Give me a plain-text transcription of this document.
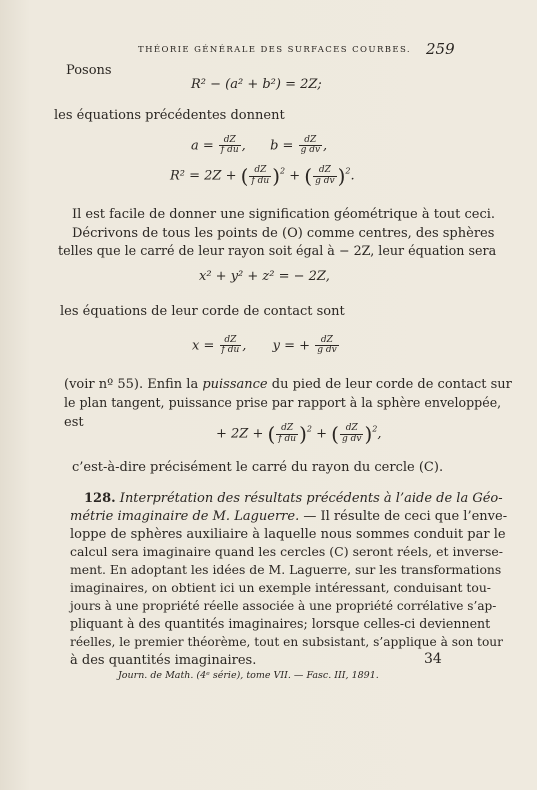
THÉORIE GÉNÉRALE DES SURFACES COURBES. 259
Posons
R² − (a² + b²) = 2Z;
les équations précédentes donnent
$a = \frac{dZ}{\text{f du}}$ ,  $b = \frac{dZ}{\text{g dv}}$ ,
R² = 2Z + ( $\frac{dZ}{\text{f du}} )^2$ + ( $\frac{dZ}{\text{g dv}} )^2$.
Il est facile de donner une signification géométrique à tout ceci.
Décrivons de tous les points de (O) comme centres, des sphères
telles que le carré de leur rayon soit égal à − 2Z, leur équation sera
x² + y² + z² = − 2Z,
les équations de leur corde de contact sont
$x = \frac{dZ}{\text{f du}}$ ,  y = + $\frac{dZ}{\text{g dv}}$
(voir nº 55). Enfin la puissance du pied de leur corde de contact sur
le plan tangent, puissance prise par rapport à la sphère enveloppée,
est
+ 2Z + ( $\frac{dZ}{\text{f du}} )^2$ + ( $\frac{dZ}{\text{g dv}} )^2$,
c’est-à-dire précisément le carré du rayon du cercle (C).
128. Interprétation des résultats précédents à l’aide de la Géo-
métrie imaginaire de M. Laguerre. — Il résulte de ceci que l’enve-
loppe de sphères auxiliaire à laquelle nous sommes conduit par le
calcul sera imaginaire quand les cercles (C) seront réels, et inverse-
ment. En adoptant les idées de M. Laguerre, sur les transformations
imaginaires, on obtient ici un exemple intéressant, conduisant tou-
jours à une propriété réelle associée à une propriété corrélative s’ap-
pliquant à des quantités imaginaires; lorsque celles-ci deviennent
réelles, le premier théorème, tout en subsistant, s’applique à son tour
à des quantités imaginaires.	34
Journ. de Math. (4ᵉ série), tome VII. — Fasc. III, 1891.
